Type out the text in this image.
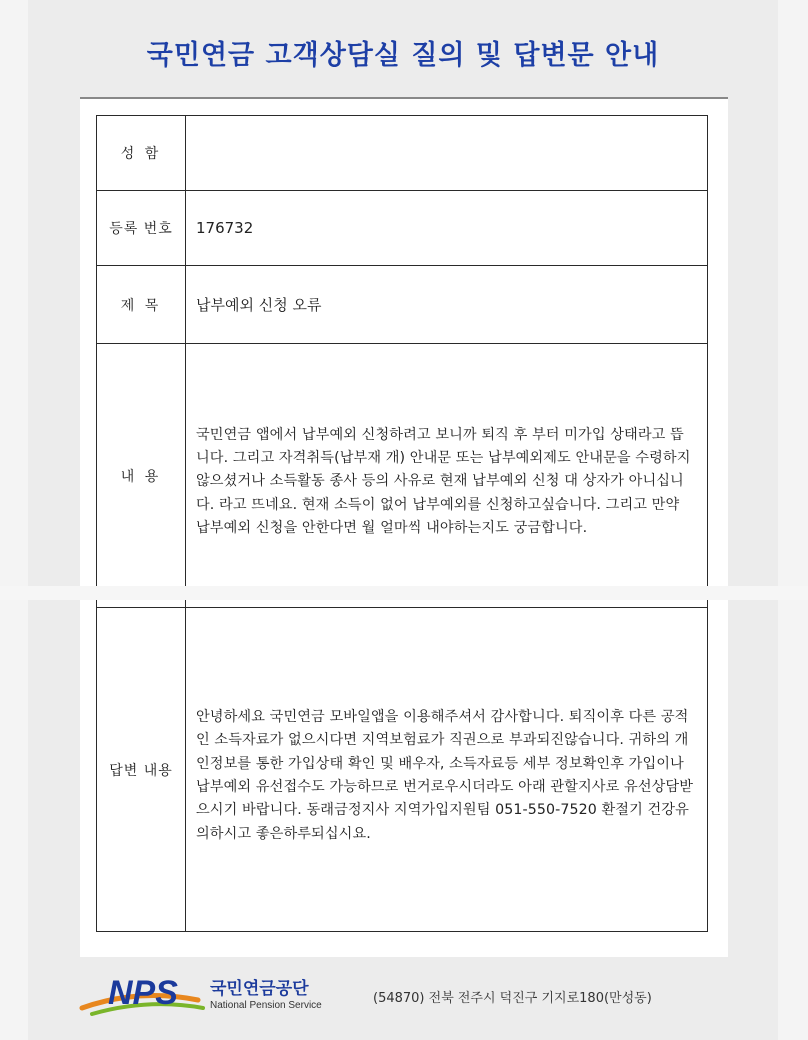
국민연금 고객상담실 질의 및 답변문 안내
성 함	
등록 번호	176732
제 목	납부예외 신청 오류
내 용	국민연금 앱에서 납부예외 신청하려고 보니까 퇴직 후 부터 미가입 상태라고 뜹니다. 그리고 자격취득(납부재 개) 안내문 또는 납부예외제도 안내문을 수령하지 않으셨거나 소득활동 종사 등의 사유로 현재 납부예외 신청 대 상자가 아니십니다. 라고 뜨네요. 현재 소득이 없어 납부예외를 신청하고싶습니다. 그리고 만약 납부예외 신청을 안한다면 월 얼마씩 내야하는지도 궁금합니다.
답변 내용	안녕하세요 국민연금 모바일앱을 이용해주셔서 감사합니다. 퇴직이후 다른 공적인 소득자료가 없으시다면 지역보험료가 직권으로 부과되진않습니다. 귀하의 개인정보를 통한 가입상태 확인 및 배우자, 소득자료등 세부 정보확인후 가입이나 납부예외 유선접수도 가능하므로 번거로우시더라도 아래 관할지사로 유선상담받으시기 바랍니다. 동래금정지사 지역가입지원팀 051-550-7520 환절기 건강유의하시고 좋은하루되십시요.
NPS 국민연금공단
National Pension Service	(54870) 전북 전주시 덕진구 기지로180(만성동)
